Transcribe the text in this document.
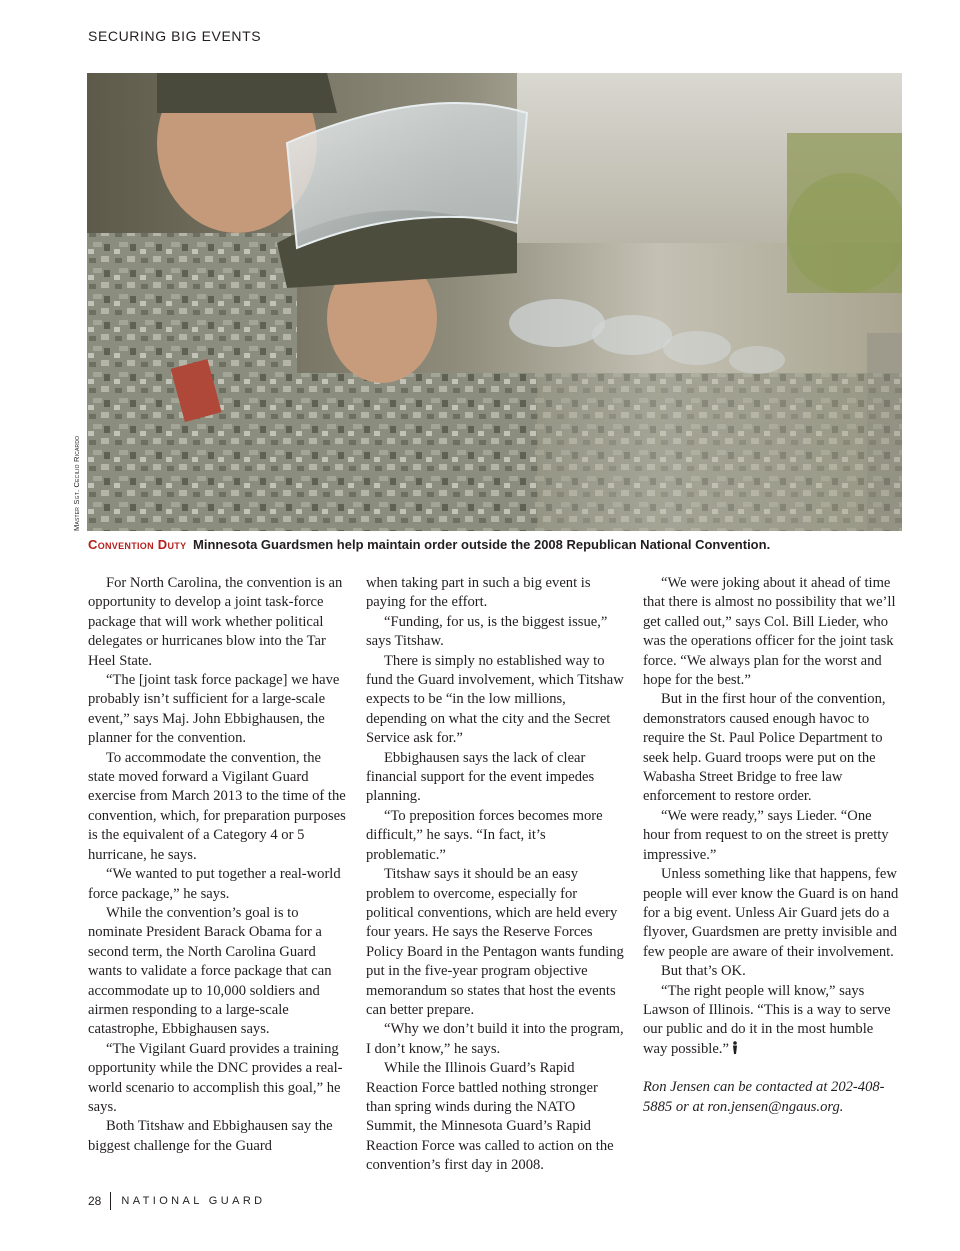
SECURING BIG EVENTS
Master Sgt. Cecilio Ricardo
Convention Duty Minnesota Guardsmen help maintain order outside the 2008 Republican National Convention.

For North Carolina, the convention is an opportunity to develop a joint task-force package that will work whether political delegates or hurricanes blow into the Tar Heel State.

“The [joint task force package] we have probably isn’t sufficient for a large-scale event,” says Maj. John Ebbighausen, the planner for the convention.

To accommodate the convention, the state moved forward a Vigilant Guard exercise from March 2013 to the time of the convention, which, for preparation purposes is the equivalent of a Category 4 or 5 hurricane, he says.

“We wanted to put together a real-world force package,” he says.

While the convention’s goal is to nominate President Barack Obama for a second term, the North Carolina Guard wants to validate a force package that can accommodate up to 10,000 soldiers and airmen responding to a large-scale catastrophe, Ebbighausen says.

“The Vigilant Guard provides a training opportunity while the DNC provides a real-world scenario to accomplish this goal,” he says.

Both Titshaw and Ebbighausen say the biggest challenge for the Guard

when taking part in such a big event is paying for the effort.

“Funding, for us, is the biggest issue,” says Titshaw.

There is simply no established way to fund the Guard involvement, which Titshaw expects to be “in the low millions, depending on what the city and the Secret Service ask for.”

Ebbighausen says the lack of clear financial support for the event impedes planning.

“To preposition forces becomes more difficult,” he says. “In fact, it’s problematic.”

Titshaw says it should be an easy problem to overcome, especially for political conventions, which are held every four years. He says the Reserve Forces Policy Board in the Pentagon wants funding put in the five-year program objective memorandum so states that host the events can better prepare.

“Why we don’t build it into the program, I don’t know,” he says.

While the Illinois Guard’s Rapid Reaction Force battled nothing stronger than spring winds during the NATO Summit, the Minnesota Guard’s Rapid Reaction Force was called to action on the convention’s first day in 2008.

“We were joking about it ahead of time that there is almost no possibility that we’ll get called out,” says Col. Bill Lieder, who was the operations officer for the joint task force. “We always plan for the worst and hope for the best.”

But in the first hour of the convention, demonstrators caused enough havoc to require the St. Paul Police Department to seek help. Guard troops were put on the Wabasha Street Bridge to free law enforcement to restore order.

“We were ready,” says Lieder. “One hour from request to on the street is pretty impressive.”

Unless something like that happens, few people will ever know the Guard is on hand for a big event. Unless Air Guard jets do a flyover, Guardsmen are pretty invisible and few people are aware of their involvement.

But that’s OK.

“The right people will know,” says Lawson of Illinois. “This is a way to serve our public and do it in the most humble way possible.”

Ron Jensen can be contacted at 202-408-5885 or at ron.jensen@ngaus.org.

28 NATIONAL GUARD
